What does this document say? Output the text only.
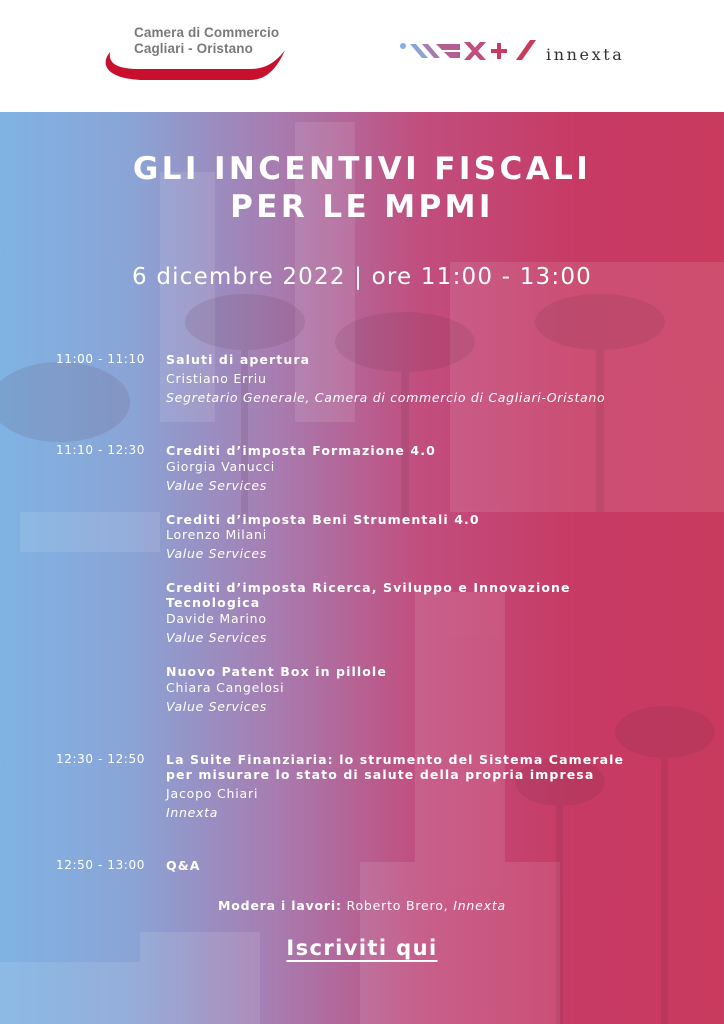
Camera di Commercio
Cagliari - Oristano	innexta
GLI INCENTIVI FISCALI
PER LE MPMI
6 dicembre 2022 | ore 11:00 - 13:00
11:00 - 11:10 Saluti di apertura
Cristiano Erriu
Segretario Generale, Camera di commercio di Cagliari-Oristano
11:10 - 12:30 Crediti d’imposta Formazione 4.0
Giorgia Vanucci
Value Services
Crediti d’imposta Beni Strumentali 4.0
Lorenzo Milani
Value Services
Crediti d’imposta Ricerca, Sviluppo e Innovazione
Tecnologica
Davide Marino
Value Services
Nuovo Patent Box in pillole
Chiara Cangelosi
Value Services
12:30 - 12:50 La Suite Finanziaria: lo strumento del Sistema Camerale
per misurare lo stato di salute della propria impresa
Jacopo Chiari
Innexta
12:50 - 13:00 Q&A
Modera i lavori: Roberto Brero, Innexta
Iscriviti qui
